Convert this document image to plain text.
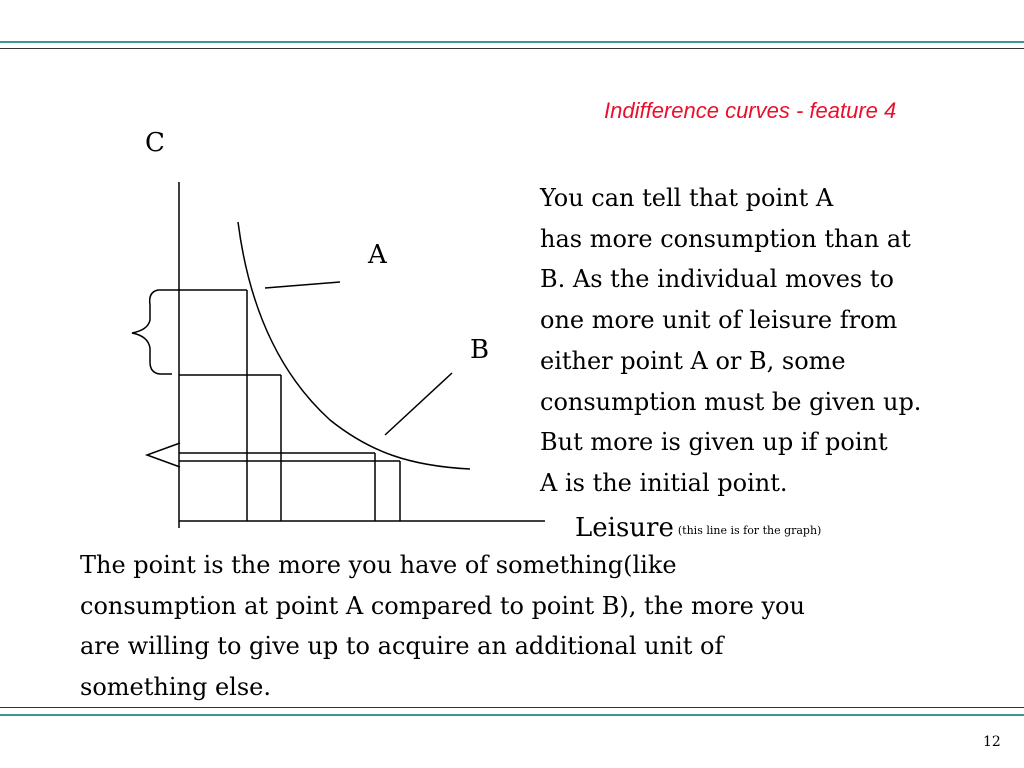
Indifference curves - feature 4
C
A
B
Leisure (this line is for the graph)
You can tell that point A
has more consumption than at
B. As the individual moves to
one more unit of leisure from
either point A or B, some
consumption must be given up.
But more is given up if point
A is the initial point.
The point is the more you have of something(like
consumption at point A compared to point B), the more you
are willing to give up to acquire an additional unit of
something else.
12
